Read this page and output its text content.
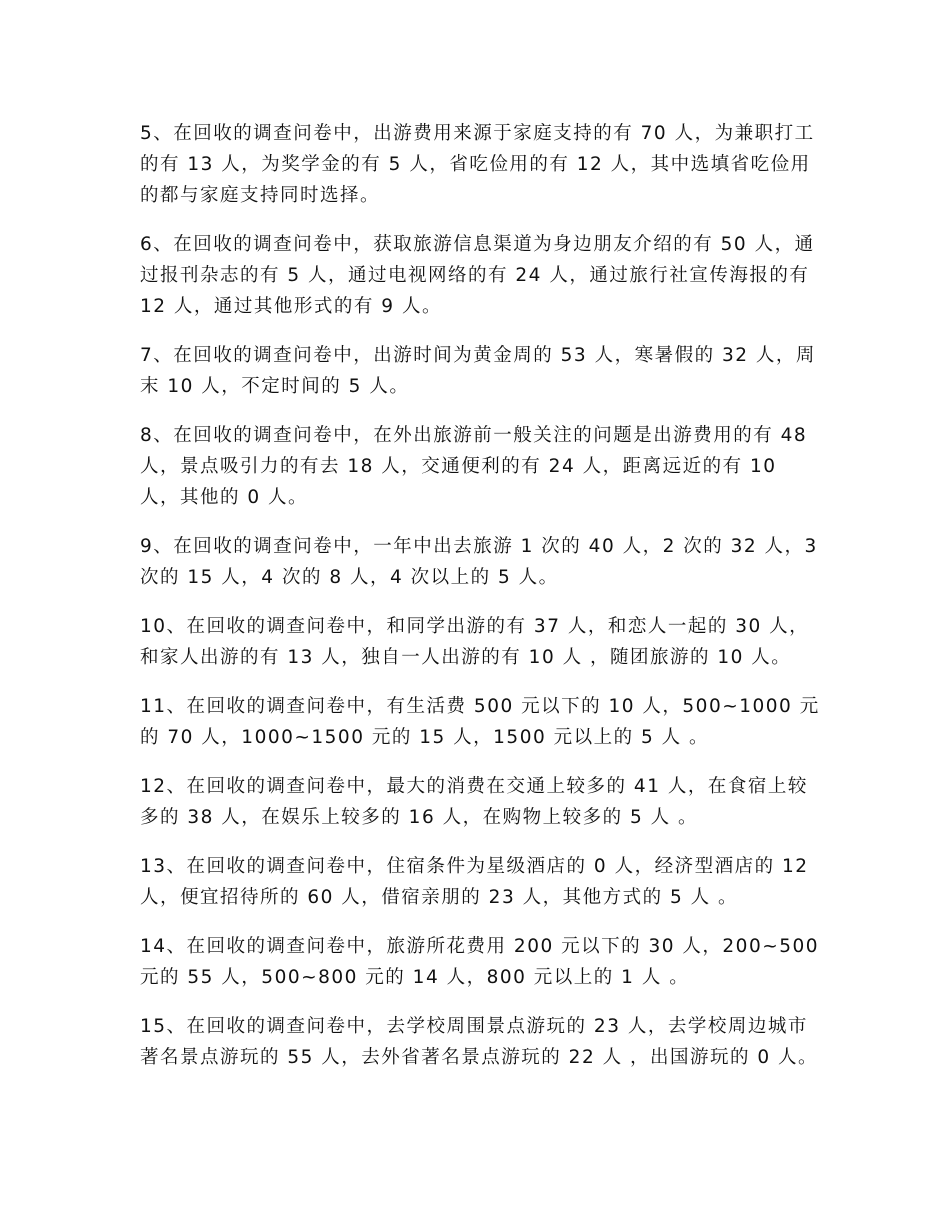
5、在回收的调查问卷中，出游费用来源于家庭支持的有 70 人，为兼职打工的有 13 人，为奖学金的有 5 人，省吃俭用的有 12 人，其中选填省吃俭用的都与家庭支持同时选择。

6、在回收的调查问卷中，获取旅游信息渠道为身边朋友介绍的有 50 人，通过报刊杂志的有 5 人，通过电视网络的有 24 人，通过旅行社宣传海报的有 12 人，通过其他形式的有 9 人。

7、在回收的调查问卷中，出游时间为黄金周的 53 人，寒暑假的 32 人，周末 10 人，不定时间的 5 人。

8、在回收的调查问卷中，在外出旅游前一般关注的问题是出游费用的有 48 人，景点吸引力的有去 18 人，交通便利的有 24 人，距离远近的有 10 人，其他的 0 人。

9、在回收的调查问卷中，一年中出去旅游 1 次的 40 人，2 次的 32 人，3 次的 15 人，4 次的 8 人，4 次以上的 5 人。

10、在回收的调查问卷中，和同学出游的有 37 人，和恋人一起的 30 人，和家人出游的有 13 人，独自一人出游的有 10 人 ，随团旅游的 10 人。

11、在回收的调查问卷中，有生活费 500 元以下的 10 人，500~1000 元的 70 人，1000~1500 元的 15 人，1500 元以上的 5 人 。

12、在回收的调查问卷中，最大的消费在交通上较多的 41 人，在食宿上较多的 38 人，在娱乐上较多的 16 人，在购物上较多的 5 人 。

13、在回收的调查问卷中，住宿条件为星级酒店的 0 人，经济型酒店的 12 人，便宜招待所的 60 人，借宿亲朋的 23 人，其他方式的 5 人 。

14、在回收的调查问卷中，旅游所花费用 200 元以下的 30 人，200~500 元的 55 人，500~800 元的 14 人，800 元以上的 1 人 。

15、在回收的调查问卷中，去学校周围景点游玩的 23 人，去学校周边城市著名景点游玩的 55 人，去外省著名景点游玩的 22 人 ，出国游玩的 0 人。
